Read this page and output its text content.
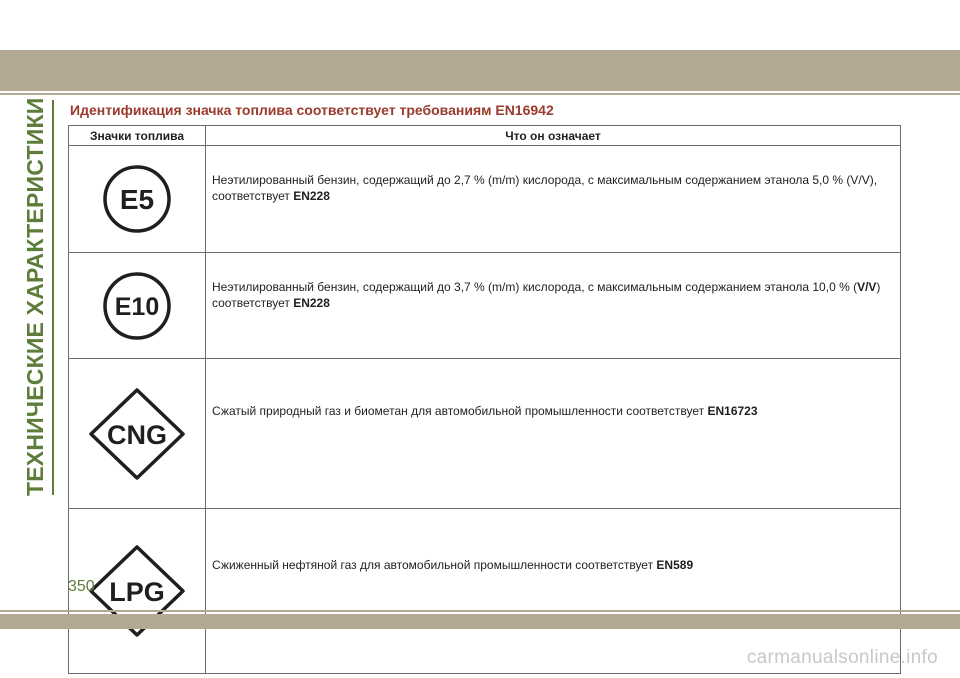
ТЕХНИЧЕСКИЕ ХАРАКТЕРИСТИКИ Идентификация значка топлива соответствует требованиям EN16942
Значки топлива	Что он означает

E5	Неэтилированный бензин, содержащий до 2,7 % (m/m) кислорода, с максимальным содержанием этанола 5,0 % (V/V), соответствует EN228

E10	Неэтилированный бензин, содержащий до 3,7 % (m/m) кислорода, с максимальным содержанием этанола 10,0 % (V/V) соответствует EN228

CNG	Сжатый природный газ и биометан для автомобильной промышленности соответствует EN16723

LPG	Сжиженный нефтяной газ для автомобильной промышленности соответствует EN589
350
carmanualsonline.info
